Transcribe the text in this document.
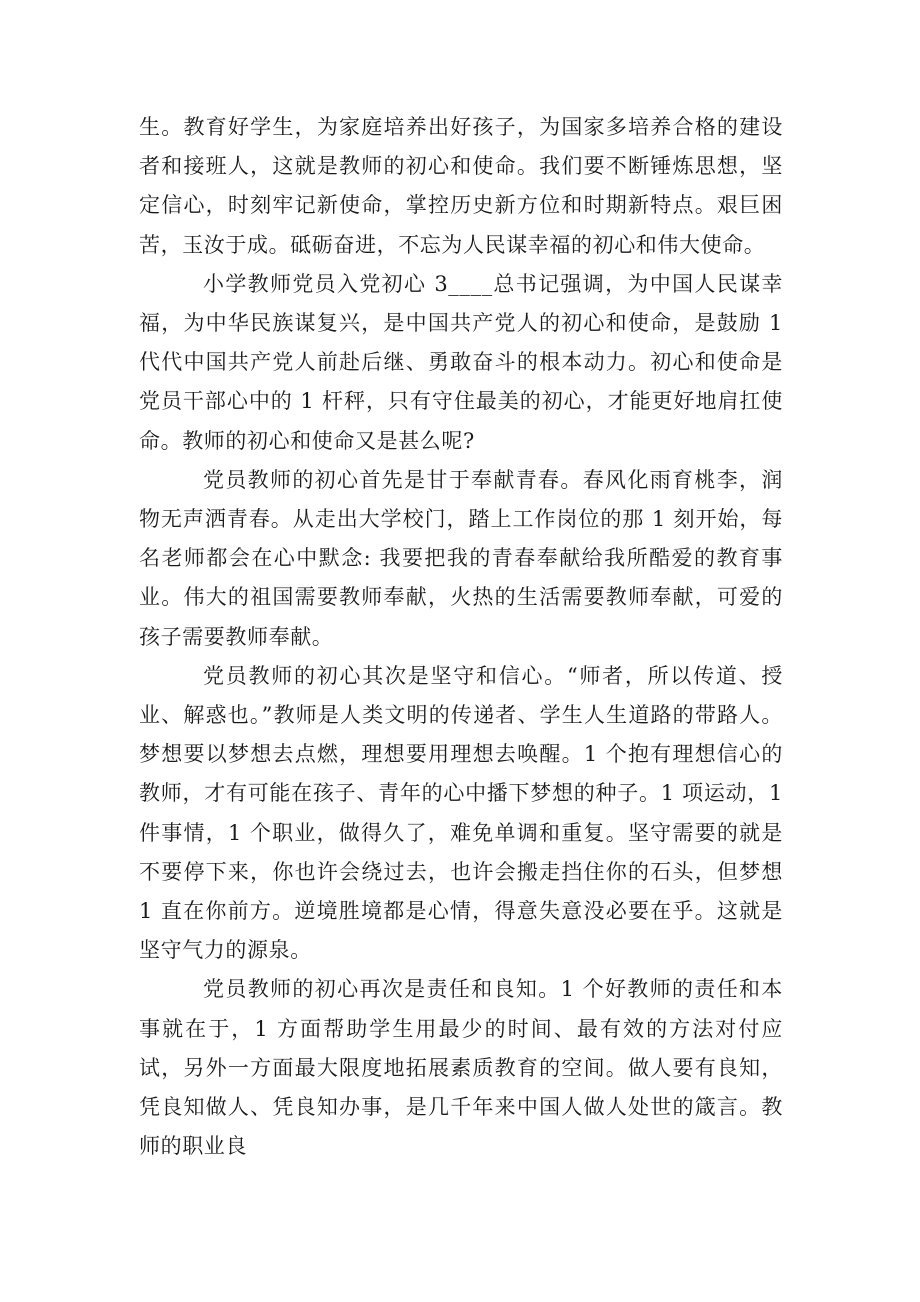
生。教育好学生，为家庭培养出好孩子，为国家多培养合格的建设者和接班人，这就是教师的初心和使命。我们要不断锤炼思想，坚定信心，时刻牢记新使命，掌控历史新方位和时期新特点。艰巨困苦，玉汝于成。砥砺奋进，不忘为人民谋幸福的初心和伟大使命。

小学教师党员入党初心 3____总书记强调，为中国人民谋幸福，为中华民族谋复兴，是中国共产党人的初心和使命，是鼓励 1 代代中国共产党人前赴后继、勇敢奋斗的根本动力。初心和使命是党员干部心中的 1 杆秤，只有守住最美的初心，才能更好地肩扛使命。教师的初心和使命又是甚么呢?

党员教师的初心首先是甘于奉献青春。春风化雨育桃李，润物无声洒青春。从走出大学校门，踏上工作岗位的那 1 刻开始，每名老师都会在心中默念: 我要把我的青春奉献给我所酷爱的教育事业。伟大的祖国需要教师奉献，火热的生活需要教师奉献，可爱的孩子需要教师奉献。

党员教师的初心其次是坚守和信心。“师者，所以传道、授业、解惑也。”教师是人类文明的传递者、学生人生道路的带路人。梦想要以梦想去点燃，理想要用理想去唤醒。1 个抱有理想信心的教师，才有可能在孩子、青年的心中播下梦想的种子。1 项运动，1 件事情，1 个职业，做得久了，难免单调和重复。坚守需要的就是不要停下来，你也许会绕过去，也许会搬走挡住你的石头，但梦想 1 直在你前方。逆境胜境都是心情，得意失意没必要在乎。这就是坚守气力的源泉。

党员教师的初心再次是责任和良知。1 个好教师的责任和本事就在于，1 方面帮助学生用最少的时间、最有效的方法对付应试，另外一方面最大限度地拓展素质教育的空间。做人要有良知，凭良知做人、凭良知办事，是几千年来中国人做人处世的箴言。教师的职业良
